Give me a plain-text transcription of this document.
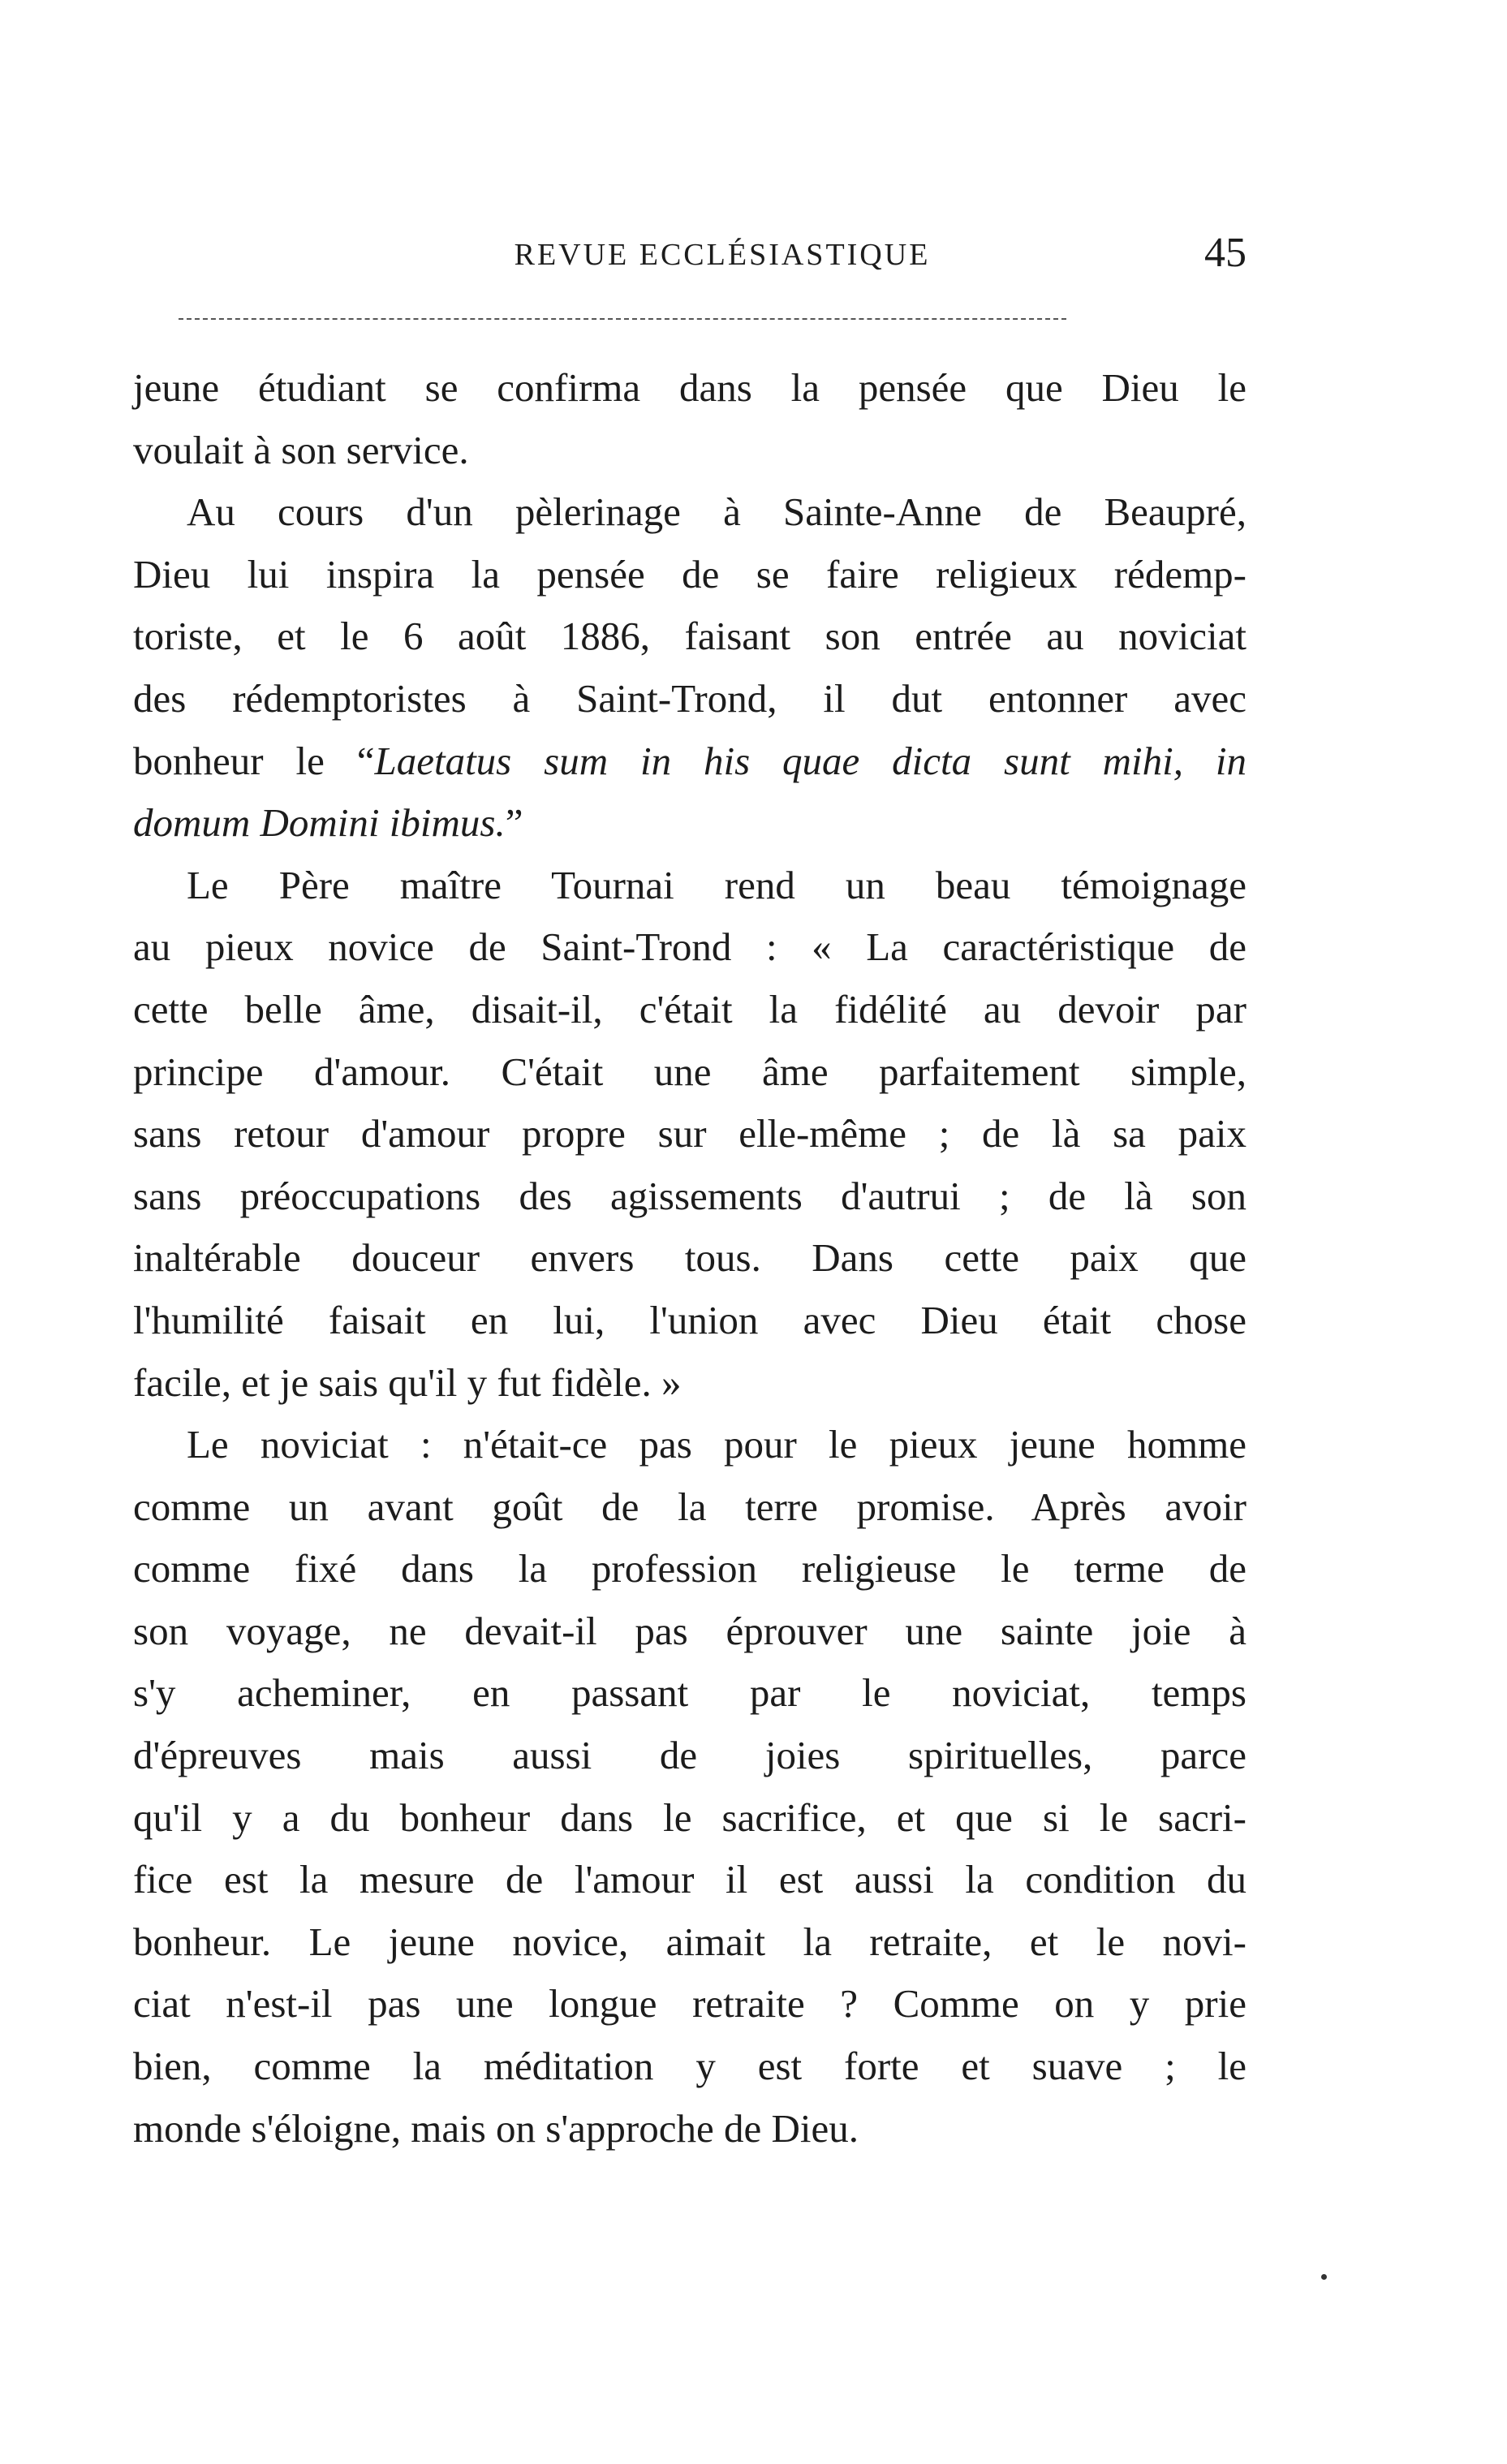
REVUE ECCLÉSIASTIQUE	45
jeune étudiant se confirma dans la pensée que Dieu le
voulait à son service.
Au cours d'un pèlerinage à Sainte-Anne de Beaupré,
Dieu lui inspira la pensée de se faire religieux rédemp-
toriste, et le 6 août 1886, faisant son entrée au noviciat
des rédemptoristes à Saint-Trond, il dut entonner avec
bonheur le “Laetatus sum in his quae dicta sunt mihi, in
domum Domini ibimus.”
Le Père maître Tournai rend un beau témoignage
au pieux novice de Saint-Trond : « La caractéristique de
cette belle âme, disait-il, c'était la fidélité au devoir par
principe d'amour. C'était une âme parfaitement simple,
sans retour d'amour propre sur elle-même ; de là sa paix
sans préoccupations des agissements d'autrui ; de là son
inaltérable douceur envers tous. Dans cette paix que
l'humilité faisait en lui, l'union avec Dieu était chose
facile, et je sais qu'il y fut fidèle. »
Le noviciat : n'était-ce pas pour le pieux jeune homme
comme un avant goût de la terre promise. Après avoir
comme fixé dans la profession religieuse le terme de
son voyage, ne devait-il pas éprouver une sainte joie à
s'y acheminer, en passant par le noviciat, temps
d'épreuves mais aussi de joies spirituelles, parce
qu'il y a du bonheur dans le sacrifice, et que si le sacri-
fice est la mesure de l'amour il est aussi la condition du
bonheur. Le jeune novice, aimait la retraite, et le novi-
ciat n'est-il pas une longue retraite ? Comme on y prie
bien, comme la méditation y est forte et suave ; le
monde s'éloigne, mais on s'approche de Dieu.
